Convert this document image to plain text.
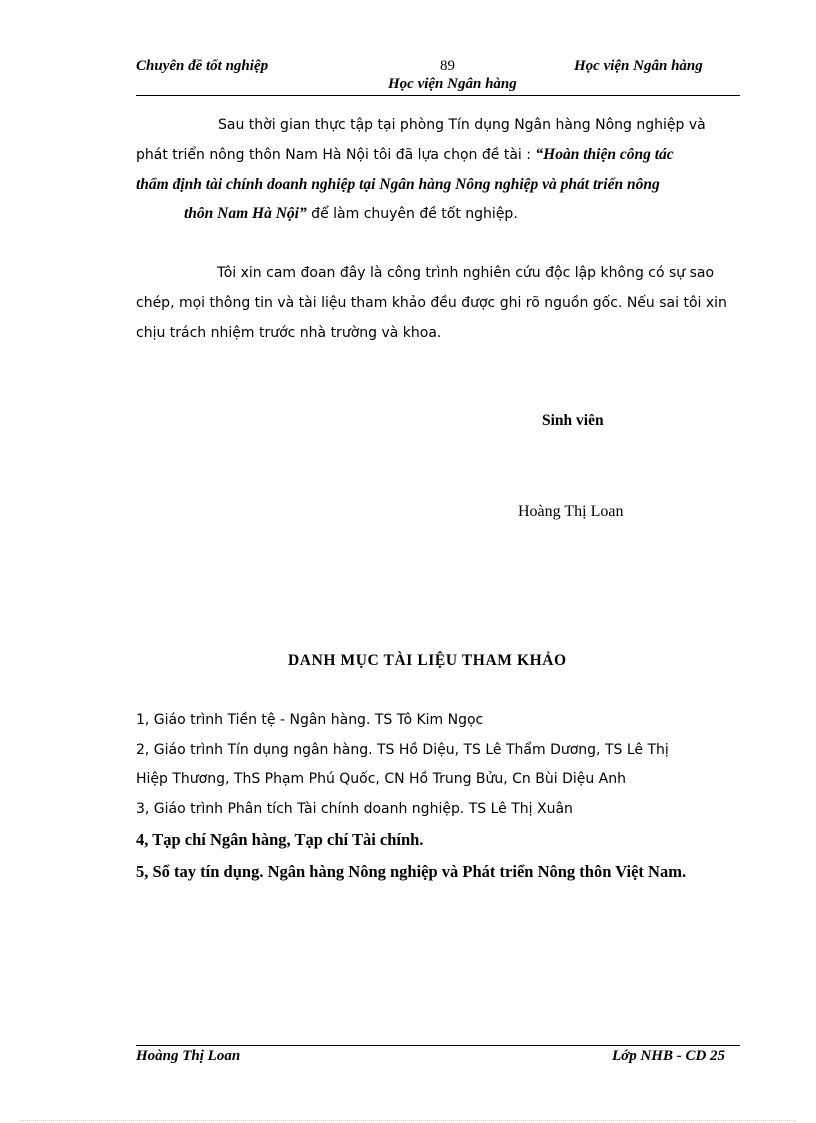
Chuyên đề tốt nghiệp	89	Học viện Ngân hàng
Học viện Ngân hàng
Sau thời gian thực tập tại phòng Tín dụng Ngân hàng Nông nghiệp và
phát triển nông thôn Nam Hà Nội tôi đã lựa chọn đề tài : “Hoàn thiện công tác
thẩm định tài chính doanh nghiệp tại Ngân hàng Nông nghiệp và phát triển nông
thôn Nam Hà Nội” để làm chuyên đề tốt nghiệp.
Tôi xin cam đoan đây là công trình nghiên cứu độc lập không có sự sao
chép, mọi thông tin và tài liệu tham khảo đều được ghi rõ nguồn gốc. Nếu sai tôi xin
chịu trách nhiệm trước nhà trường và khoa.
Sinh viên
Hoàng Thị Loan
DANH MỤC TÀI LIỆU THAM KHẢO
1, Giáo trình Tiền tệ - Ngân hàng. TS Tô Kim Ngọc
2, Giáo trình Tín dụng ngân hàng. TS Hồ Diệu, TS Lê Thẩm Dương, TS Lê Thị
Hiệp Thương, ThS Phạm Phú Quốc, CN Hồ Trung Bửu, Cn Bùi Diệu Anh
3, Giáo trình Phân tích Tài chính doanh nghiệp. TS Lê Thị Xuân
4, Tạp chí Ngân hàng, Tạp chí Tài chính.
5, Sổ tay tín dụng. Ngân hàng Nông nghiệp và Phát triển Nông thôn Việt Nam.
Hoàng Thị Loan	Lớp NHB - CD 25
